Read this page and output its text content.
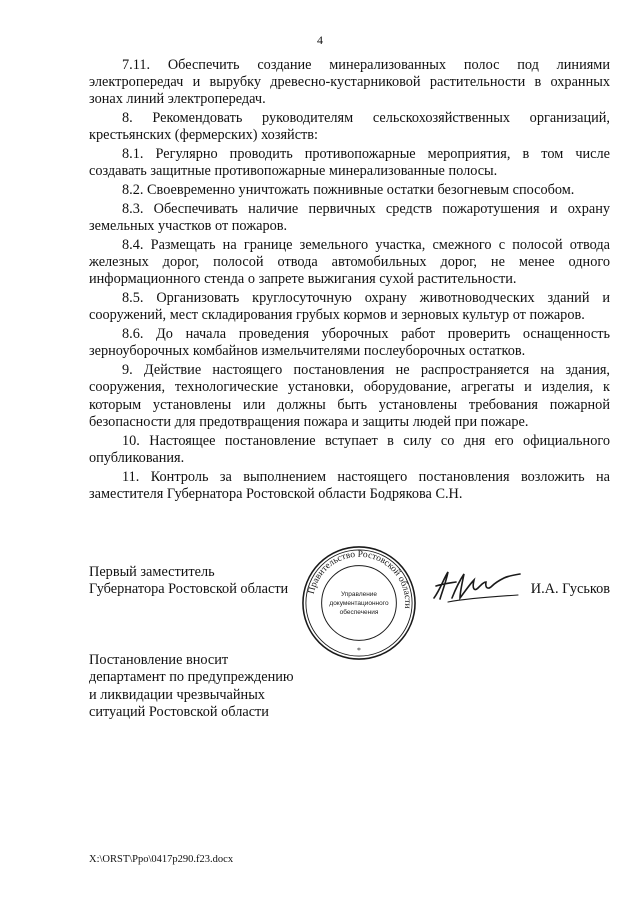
4

7.11. Обеспечить создание минерализованных полос под линиями электропередач и вырубку древесно-кустарниковой растительности в охранных зонах линий электропередач.

8. Рекомендовать руководителям сельскохозяйственных организаций, крестьянских (фермерских) хозяйств:

8.1. Регулярно проводить противопожарные мероприятия, в том числе создавать защитные противопожарные минерализованные полосы.

8.2. Своевременно уничтожать пожнивные остатки безогневым способом.

8.3. Обеспечивать наличие первичных средств пожаротушения и охрану земельных участков от пожаров.

8.4. Размещать на границе земельного участка, смежного с полосой отвода железных дорог, полосой отвода автомобильных дорог, не менее одного информационного стенда о запрете выжигания сухой растительности.

8.5. Организовать круглосуточную охрану животноводческих зданий и сооружений, мест складирования грубых кормов и зерновых культур от пожаров.

8.6. До начала проведения уборочных работ проверить оснащенность зерноуборочных комбайнов измельчителями послеуборочных остатков.

9. Действие настоящего постановления не распространяется на здания, сооружения, технологические установки, оборудование, агрегаты и изделия, к которым установлены или должны быть установлены требования пожарной безопасности для предотвращения пожара и защиты людей при пожаре.

10. Настоящее постановление вступает в силу со дня его официального опубликования.

11. Контроль за выполнением настоящего постановления возложить на заместителя Губернатора Ростовской области Бодрякова С.Н.

Первый заместитель
Губернатора Ростовской области Правительство Ростовской области
Управление
документационного
обеспечения
*
И.А. Гуськов
Постановление вносит
департамент по предупреждению
и ликвидации чрезвычайных
ситуаций Ростовской области
X:\ORST\Ppo\0417p290.f23.docx
